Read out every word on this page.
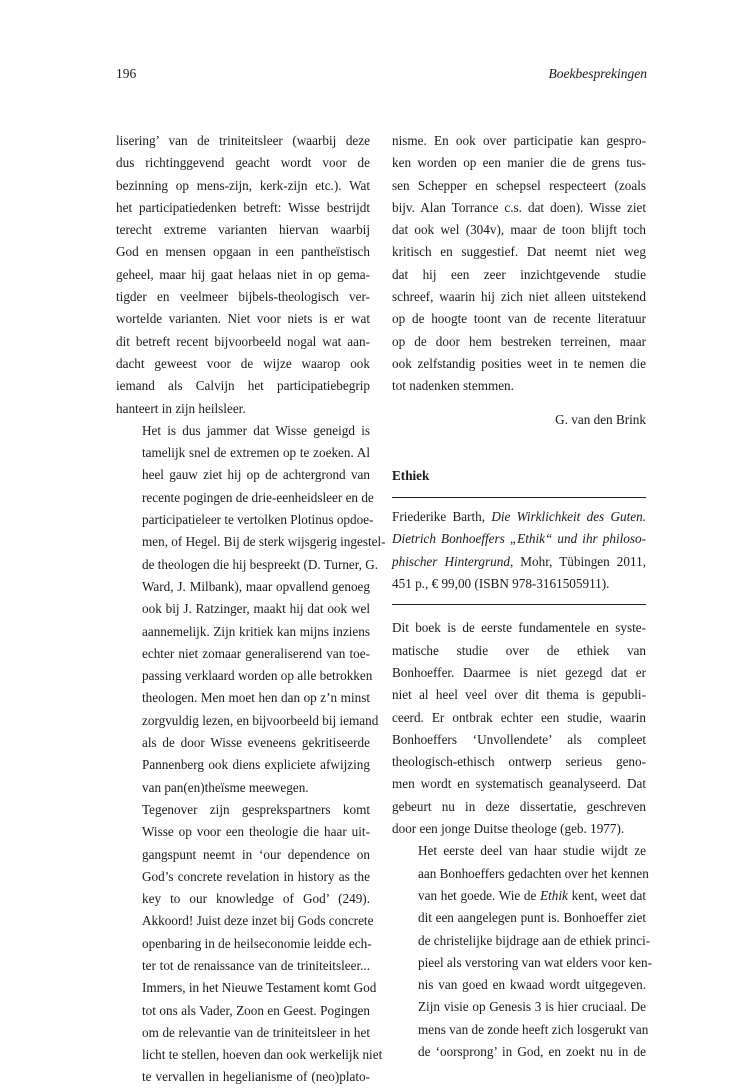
196	Boekbesprekingen

lisering’ van de triniteitsleer (waarbij deze
dus richtinggevend geacht wordt voor de
bezinning op mens-zijn, kerk-zijn etc.). Wat
het participatiedenken betreft: Wisse bestrijdt
terecht extreme varianten hiervan waarbij
God en mensen opgaan in een pantheïstisch
geheel, maar hij gaat helaas niet in op gema-
tigder en veelmeer bijbels-theologisch ver-
wortelde varianten. Niet voor niets is er wat
dit betreft recent bijvoorbeeld nogal wat aan-
dacht geweest voor de wijze waarop ook
iemand als Calvijn het participatiebegrip
hanteert in zijn heilsleer.

Het is dus jammer dat Wisse geneigd is
tamelijk snel de extremen op te zoeken. Al
heel gauw ziet hij op de achtergrond van
recente pogingen de drie-eenheidsleer en de
participatieleer te vertolken Plotinus opdoe-
men, of Hegel. Bij de sterk wijsgerig ingestel-
de theologen die hij bespreekt (D. Turner, G.
Ward, J. Milbank), maar opvallend genoeg
ook bij J. Ratzinger, maakt hij dat ook wel
aannemelijk. Zijn kritiek kan mijns inziens
echter niet zomaar generaliserend van toe-
passing verklaard worden op alle betrokken
theologen. Men moet hen dan op z’n minst
zorgvuldig lezen, en bijvoorbeeld bij iemand
als de door Wisse eveneens gekritiseerde
Pannenberg ook diens expliciete afwijzing
van pan(en)theïsme meewegen.

Tegenover zijn gesprekspartners komt
Wisse op voor een theologie die haar uit-
gangspunt neemt in ‘our dependence on
God’s concrete revelation in history as the
key to our knowledge of God’ (249).
Akkoord! Juist deze inzet bij Gods concrete
openbaring in de heilseconomie leidde ech-
ter tot de renaissance van de triniteitsleer...
Immers, in het Nieuwe Testament komt God
tot ons als Vader, Zoon en Geest. Pogingen
om de relevantie van de triniteitsleer in het
licht te stellen, hoeven dan ook werkelijk niet
te vervallen in hegelianisme of (neo)plato-

nisme. En ook over participatie kan gespro-
ken worden op een manier die de grens tus-
sen Schepper en schepsel respecteert (zoals
bijv. Alan Torrance c.s. dat doen). Wisse ziet
dat ook wel (304v), maar de toon blijft toch
kritisch en suggestief. Dat neemt niet weg
dat hij een zeer inzichtgevende studie
schreef, waarin hij zich niet alleen uitstekend
op de hoogte toont van de recente literatuur
op de door hem bestreken terreinen, maar
ook zelfstandig posities weet in te nemen die
tot nadenken stemmen.

G. van den Brink
Ethiek
Friederike Barth, Die Wirklichkeit des Guten.
Dietrich Bonhoeffers „Ethik“ und ihr philoso-
phischer Hintergrund, Mohr, Tübingen 2011,
451 p., € 99,00 (ISBN 978-3161505911).

Dit boek is de eerste fundamentele en syste-
matische studie over de ethiek van
Bonhoeffer. Daarmee is niet gezegd dat er
niet al heel veel over dit thema is gepubli-
ceerd. Er ontbrak echter een studie, waarin
Bonhoeffers ‘Unvollendete’ als compleet
theologisch-ethisch ontwerp serieus geno-
men wordt en systematisch geanalyseerd. Dat
gebeurt nu in deze dissertatie, geschreven
door een jonge Duitse theologe (geb. 1977).

Het eerste deel van haar studie wijdt ze
aan Bonhoeffers gedachten over het kennen
van het goede. Wie de Ethik kent, weet dat
dit een aangelegen punt is. Bonhoeffer ziet
de christelijke bijdrage aan de ethiek princi-
pieel als verstoring van wat elders voor ken-
nis van goed en kwaad wordt uitgegeven.
Zijn visie op Genesis 3 is hier cruciaal. De
mens van de zonde heeft zich losgerukt van
de ‘oorsprong’ in God, en zoekt nu in de
